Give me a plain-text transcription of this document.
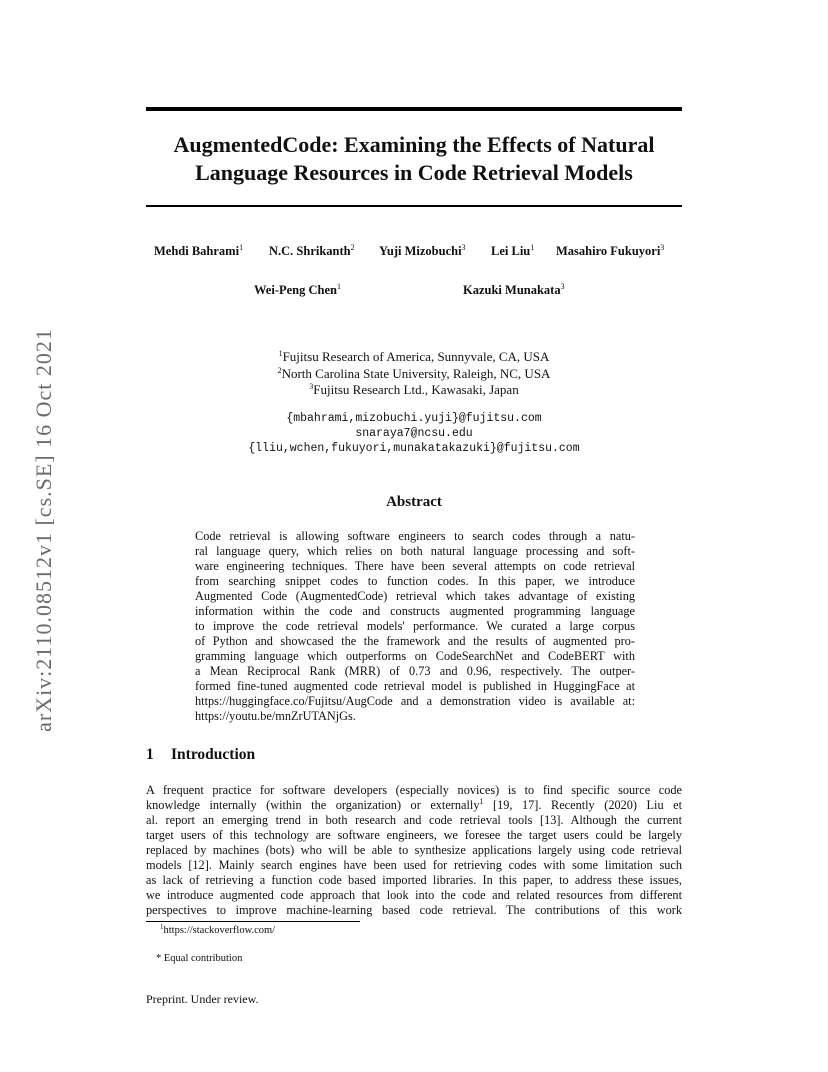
arXiv:2110.08512v1 [cs.SE] 16 Oct 2021
AugmentedCode: Examining the Effects of Natural
Language Resources in Code Retrieval Models
Mehdi Bahrami$^1$ N.C. Shrikanth$^2$ Yuji Mizobuchi$^3$ Lei Liu$^1$ Masahiro Fukuyori$^3$
Wei-Peng Chen$^1$	Kazuki Munakata$^3$
$^1$Fujitsu Research of America, Sunnyvale, CA, USA
$^2$North Carolina State University, Raleigh, NC, USA
$^3$Fujitsu Research Ltd., Kawasaki, Japan
{mbahrami,mizobuchi.yuji}@fujitsu.com
snaraya7@ncsu.edu
{lliu,wchen,fukuyori,munakatakazuki}@fujitsu.com
Abstract
Code retrieval is allowing software engineers to search codes through a natu-
ral language query, which relies on both natural language processing and soft-
ware engineering techniques. There have been several attempts on code retrieval
from searching snippet codes to function codes. In this paper, we introduce
Augmented Code (AugmentedCode) retrieval which takes advantage of existing
information within the code and constructs augmented programming language
to improve the code retrieval models' performance. We curated a large corpus
of Python and showcased the the framework and the results of augmented pro-
gramming language which outperforms on CodeSearchNet and CodeBERT with
a Mean Reciprocal Rank (MRR) of 0.73 and 0.96, respectively. The outper-
formed fine-tuned augmented code retrieval model is published in HuggingFace at
https://huggingface.co/Fujitsu/AugCode and a demonstration video is available at:
https://youtu.be/mnZrUTANjGs.
1 Introduction
A frequent practice for software developers (especially novices) is to find specific source code
knowledge internally (within the organization) or externally$^1$ [19, 17]. Recently (2020) Liu et
al. report an emerging trend in both research and code retrieval tools [13]. Although the current
target users of this technology are software engineers, we foresee the target users could be largely
replaced by machines (bots) who will be able to synthesize applications largely using code retrieval
models [12]. Mainly search engines have been used for retrieving codes with some limitation such
as lack of retrieving a function code based imported libraries. In this paper, to address these issues,
we introduce augmented code approach that look into the code and related resources from different
perspectives to improve machine-learning based code retrieval. The contributions of this work
$^1$https://stackoverflow.com/
* Equal contribution
Preprint. Under review.
